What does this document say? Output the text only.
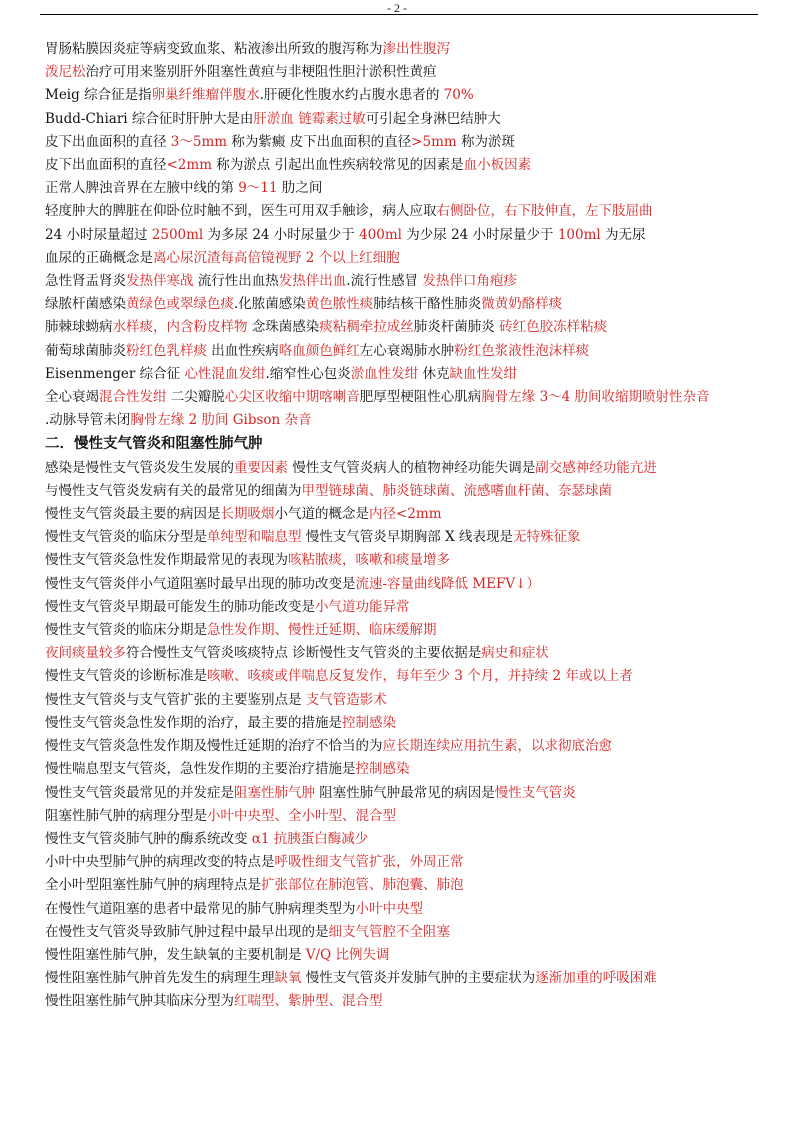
- 2 -
胃肠粘膜因炎症等病变致血浆、粘液渗出所致的腹泻称为渗出性腹泻
泼尼松治疗可用来鉴别肝外阻塞性黄疸与非梗阻性胆汁淤积性黄疸
Meig 综合征是指卵巢纤维瘤伴腹水.肝硬化性腹水约占腹水患者的 70%
Budd-Chiari 综合征时肝肿大是由肝淤血 链霉素过敏可引起全身淋巴结肿大
皮下出血面积的直径 3～5mm 称为紫癜 皮下出血面积的直径>5mm 称为淤斑
皮下出血面积的直径<2mm 称为淤点 引起出血性疾病较常见的因素是血小板因素
正常人脾浊音界在左腋中线的第 9～11 肋之间
轻度肿大的脾脏在仰卧位时触不到，医生可用双手触诊，病人应取右侧卧位，右下肢伸直，左下肢屈曲
24 小时尿量超过 2500ml 为多尿 24 小时尿量少于 400ml 为少尿 24 小时尿量少于 100ml 为无尿
血尿的正确概念是离心尿沉渣每高倍镜视野 2 个以上红细胞
急性肾盂肾炎发热伴寒战 流行性出血热发热伴出血.流行性感冒 发热伴口角疱疹
绿脓杆菌感染黄绿色或翠绿色痰.化脓菌感染黄色脓性痰肺结核干酪性肺炎微黄奶酪样痰
肺棘球蚴病水样痰，内含粉皮样物 念珠菌感染痰粘稠牵拉成丝肺炎杆菌肺炎 砖红色胶冻样粘痰
葡萄球菌肺炎粉红色乳样痰 出血性疾病咯血颜色鲜红左心衰竭肺水肿粉红色浆液性泡沫样痰
Eisenmenger 综合征 心性混血发绀.缩窄性心包炎淤血性发绀 休克缺血性发绀
全心衰竭混合性发绀 二尖瓣脱心尖区收缩中期喀喇音肥厚型梗阻性心肌病胸骨左缘 3～4 肋间收缩期喷射性杂音
.动脉导管未闭胸骨左缘 2 肋间 Gibson 杂音
二．慢性支气管炎和阻塞性肺气肿
感染是慢性支气管炎发生发展的重要因素 慢性支气管炎病人的植物神经功能失调是副交感神经功能亢进
与慢性支气管炎发病有关的最常见的细菌为甲型链球菌、肺炎链球菌、流感嗜血杆菌、奈瑟球菌
慢性支气管炎最主要的病因是长期吸烟小气道的概念是内径<2mm
慢性支气管炎的临床分型是单纯型和喘息型 慢性支气管炎早期胸部 X 线表现是无特殊征象
慢性支气管炎急性发作期最常见的表现为咳粘脓痰，咳嗽和痰量增多
慢性支气管炎伴小气道阻塞时最早出现的肺功改变是流速-容量曲线降低 MEFV↓）
慢性支气管炎早期最可能发生的肺功能改变是小气道功能异常
慢性支气管炎的临床分期是急性发作期、慢性迁延期、临床缓解期
夜间痰量较多符合慢性支气管炎咳痰特点 诊断慢性支气管炎的主要依据是病史和症状
慢性支气管炎的诊断标准是咳嗽、咳痰或伴喘息反复发作，每年至少 3 个月，并持续 2 年或以上者
慢性支气管炎与支气管扩张的主要鉴别点是 支气管造影术
慢性支气管炎急性发作期的治疗，最主要的措施是控制感染
慢性支气管炎急性发作期及慢性迁延期的治疗不恰当的为应长期连续应用抗生素，以求彻底治愈
慢性喘息型支气管炎，急性发作期的主要治疗措施是控制感染
慢性支气管炎最常见的并发症是阻塞性肺气肿 阻塞性肺气肿最常见的病因是慢性支气管炎
阻塞性肺气肿的病理分型是小叶中央型、全小叶型、混合型
慢性支气管炎肺气肿的酶系统改变 α1 抗胰蛋白酶减少
小叶中央型肺气肿的病理改变的特点是呼吸性细支气管扩张，外周正常
全小叶型阻塞性肺气肿的病理特点是扩张部位在肺泡管、肺泡囊、肺泡
在慢性气道阻塞的患者中最常见的肺气肿病理类型为小叶中央型
在慢性支气管炎导致肺气肿过程中最早出现的是细支气管腔不全阻塞
慢性阻塞性肺气肿，发生缺氧的主要机制是 V/Q 比例失调
慢性阻塞性肺气肿首先发生的病理生理缺氧 慢性支气管炎并发肺气肿的主要症状为逐渐加重的呼吸困难
慢性阻塞性肺气肿其临床分型为红喘型、紫肿型、混合型
